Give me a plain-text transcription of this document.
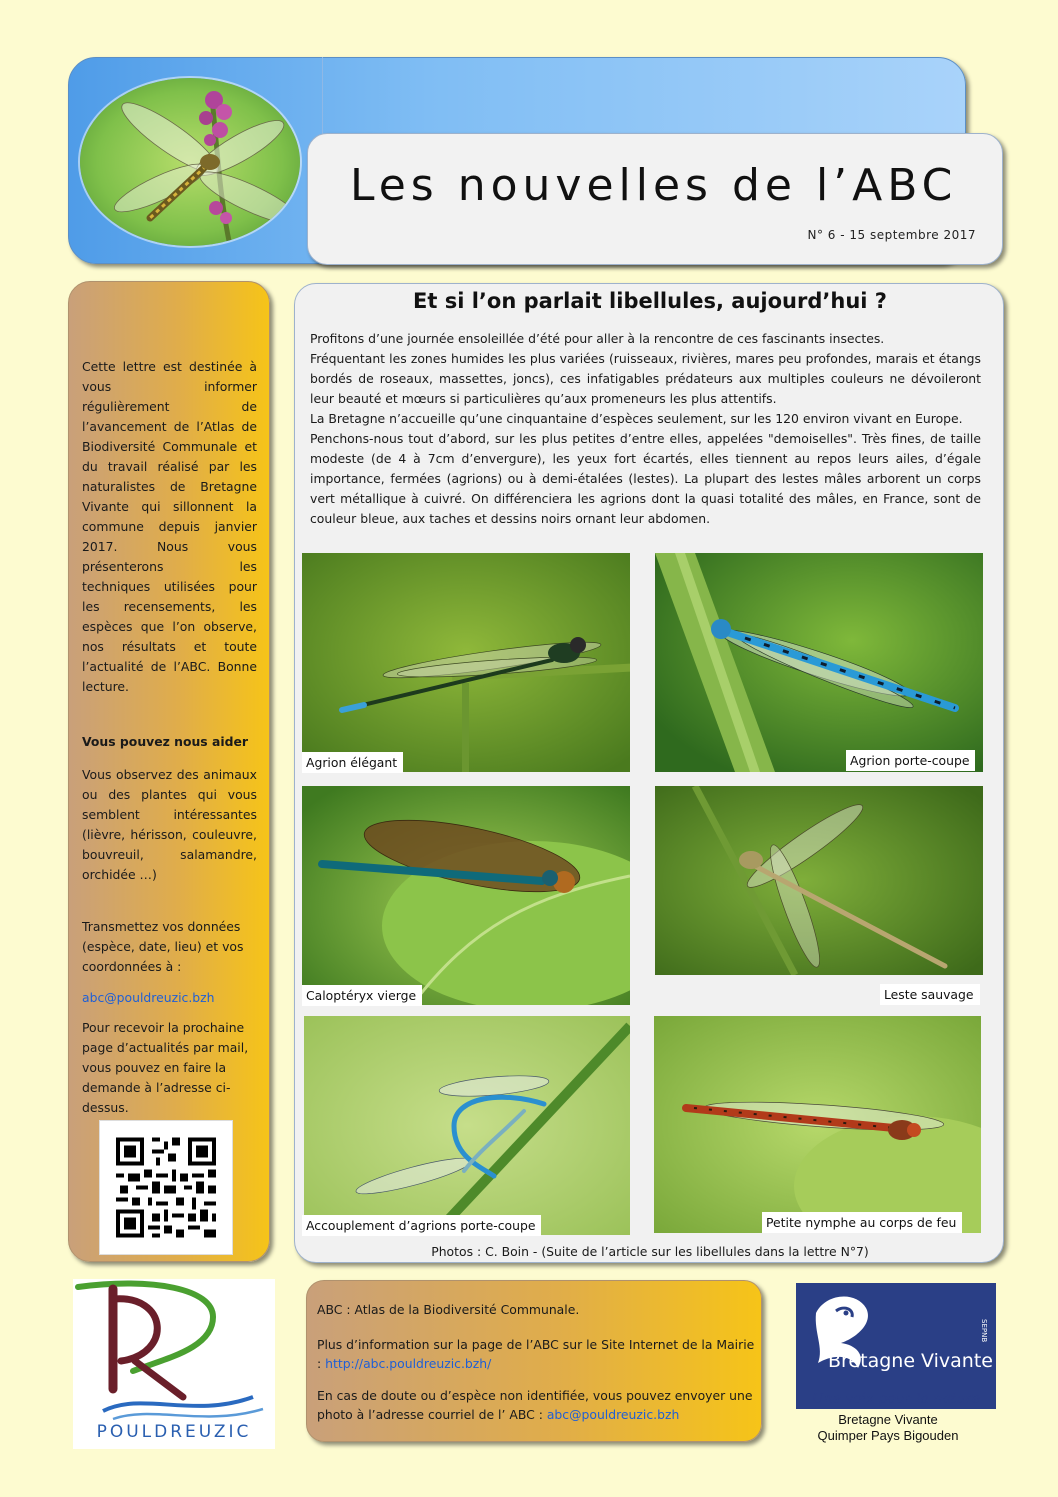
Les nouvelles de l’ABC
N° 6 - 15 septembre 2017
Cette lettre est destinée à vous informer régulièrement de l’avancement de l’Atlas de Biodiversité Communale et du travail réalisé par les naturalistes de Bretagne Vivante qui sillonnent la commune depuis janvier 2017. Nous vous présenterons les techniques utilisées pour les recensements, les espèces que l’on observe, nos résultats et toute l’actualité de l’ABC. Bonne lecture.
Vous pouvez nous aider
Vous observez des animaux ou des plantes qui vous semblent intéressantes (lièvre, hérisson, couleuvre, bouvreuil, salamandre, orchidée …)
Transmettez vos données (espèce, date, lieu) et vos coordonnées à :
abc@pouldreuzic.bzh
Pour recevoir la prochaine page d’actualités par mail, vous pouvez en faire la demande à l’adresse ci-dessus.
Et si l’on parlait libellules, aujourd’hui ?

Profitons d’une journée ensoleillée d’été pour aller à la rencontre de ces fascinants insectes.

Fréquentant les zones humides les plus variées (ruisseaux, rivières, mares peu profondes, marais et étangs bordés de roseaux, massettes, joncs), ces infatigables prédateurs aux multiples couleurs ne dévoileront leur beauté et mœurs si particulières qu’aux promeneurs les plus attentifs.

La Bretagne n’accueille qu’une cinquantaine d’espèces seulement, sur les 120 environ vivant en Europe.

Penchons-nous tout d’abord, sur les plus petites d’entre elles, appelées "demoiselles". Très fines, de taille modeste (de 4 à 7cm d’envergure), les yeux fort écartés, elles tiennent au repos leurs ailes, d’égale importance, fermées (agrions) ou à demi-étalées (lestes). La plupart des lestes mâles arborent un corps vert métallique à cuivré. On différenciera les agrions dont la quasi totalité des mâles, en France, sont de couleur bleue, aux taches et dessins noirs ornant leur abdomen.

Agrion élégant	Agrion porte-coupe
Caloptéryx vierge	Leste sauvage
Accouplement d’agrions porte-coupe	Petite nymphe au corps de feu
Photos : C. Boin - (Suite de l’article sur les libellules dans la lettre N°7)
POULDREUZIC
ABC : Atlas de la Biodiversité Communale.
Plus d’information sur la page de l’ABC sur le Site Internet de la Mairie : http://abc.pouldreuzic.bzh/
En cas de doute ou d’espèce non identifiée, vous pouvez envoyer une photo à l’adresse courriel de l’ ABC : abc@pouldreuzic.bzh
Bretagne Vivante
SEPNB
Une voix pour la nature
Bretagne Vivante
Quimper Pays Bigouden
